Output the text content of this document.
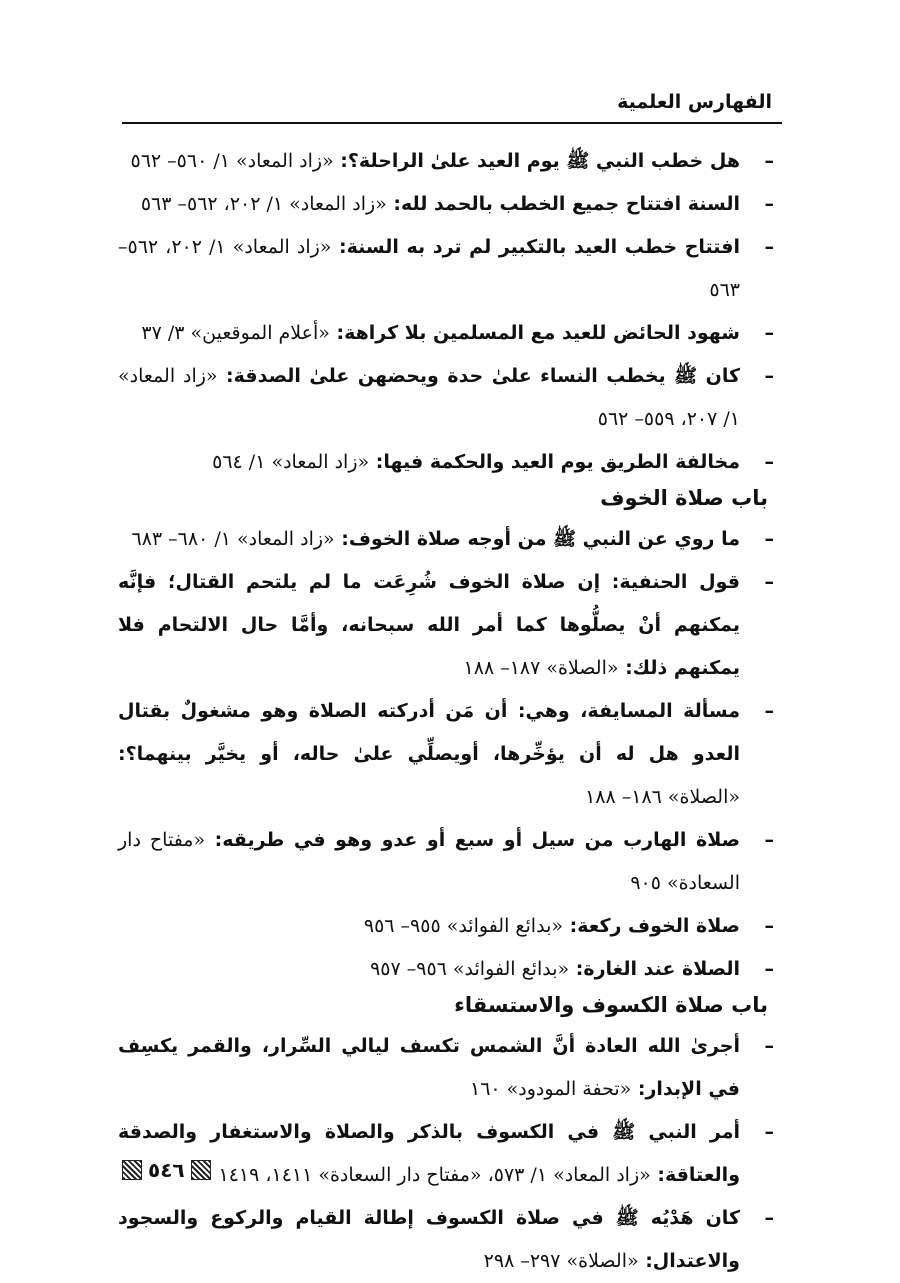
الفهارس العلمية
–
هل خطب النبي ﷺ يوم العيد علىٰ الراحلة؟: «زاد المعاد» ١/ ٥٦٠– ٥٦٢
–
السنة افتتاح جميع الخطب بالحمد لله: «زاد المعاد» ١/ ٢٠٢، ٥٦٢– ٥٦٣
–
افتتاح خطب العيد بالتكبير لم ترد به السنة: «زاد المعاد» ١/ ٢٠٢، ٥٦٢– ٥٦٣
–
شهود الحائض للعيد مع المسلمين بلا كراهة: «أعلام الموقعين» ٣/ ٣٧
–
كان ﷺ يخطب النساء علىٰ حدة ويحضهن علىٰ الصدقة: «زاد المعاد» ١/ ٢٠٧، ٥٥٩– ٥٦٢
–
مخالفة الطريق يوم العيد والحكمة فيها: «زاد المعاد» ١/ ٥٦٤
باب صلاة الخوف
–
ما روي عن النبي ﷺ من أوجه صلاة الخوف: «زاد المعاد» ١/ ٦٨٠– ٦٨٣
–
قول الحنفية: إن صلاة الخوف شُرِعَت ما لم يلتحم القتال؛ فإنَّه يمكنهم أنْ يصلُّوها كما أمر الله سبحانه، وأمَّا حال الالتحام فلا يمكنهم ذلك: «الصلاة» ١٨٧– ١٨٨
–
مسألة المسايفة، وهي: أن مَن أدركته الصلاة وهو مشغولٌ بقتال العدو هل له أن يؤخِّرها، أويصلِّي علىٰ حاله، أو يخيَّر بينهما؟: «الصلاة» ١٨٦– ١٨٨
–
صلاة الهارب من سيل أو سبع أو عدو وهو في طريقه: «مفتاح دار السعادة» ٩٠٥
–
صلاة الخوف ركعة: «بدائع الفوائد» ٩٥٥– ٩٥٦
–
الصلاة عند الغارة: «بدائع الفوائد» ٩٥٦– ٩٥٧
باب صلاة الكسوف والاستسقاء
–
أجرىٰ الله العادة أنَّ الشمس تكسف ليالي السِّرار، والقمر يكسِف في الإبدار: «تحفة المودود» ١٦٠
–
أمر النبي ﷺ في الكسوف بالذكر والصلاة والاستغفار والصدقة والعتاقة: «زاد المعاد» ١/ ٥٧٣، «مفتاح دار السعادة» ١٤١١، ١٤١٩
–
كان هَدْيُه ﷺ في صلاة الكسوف إطالة القيام والركوع والسجود والاعتدال: «الصلاة» ٢٩٧– ٢٩٨
٥٤٦
